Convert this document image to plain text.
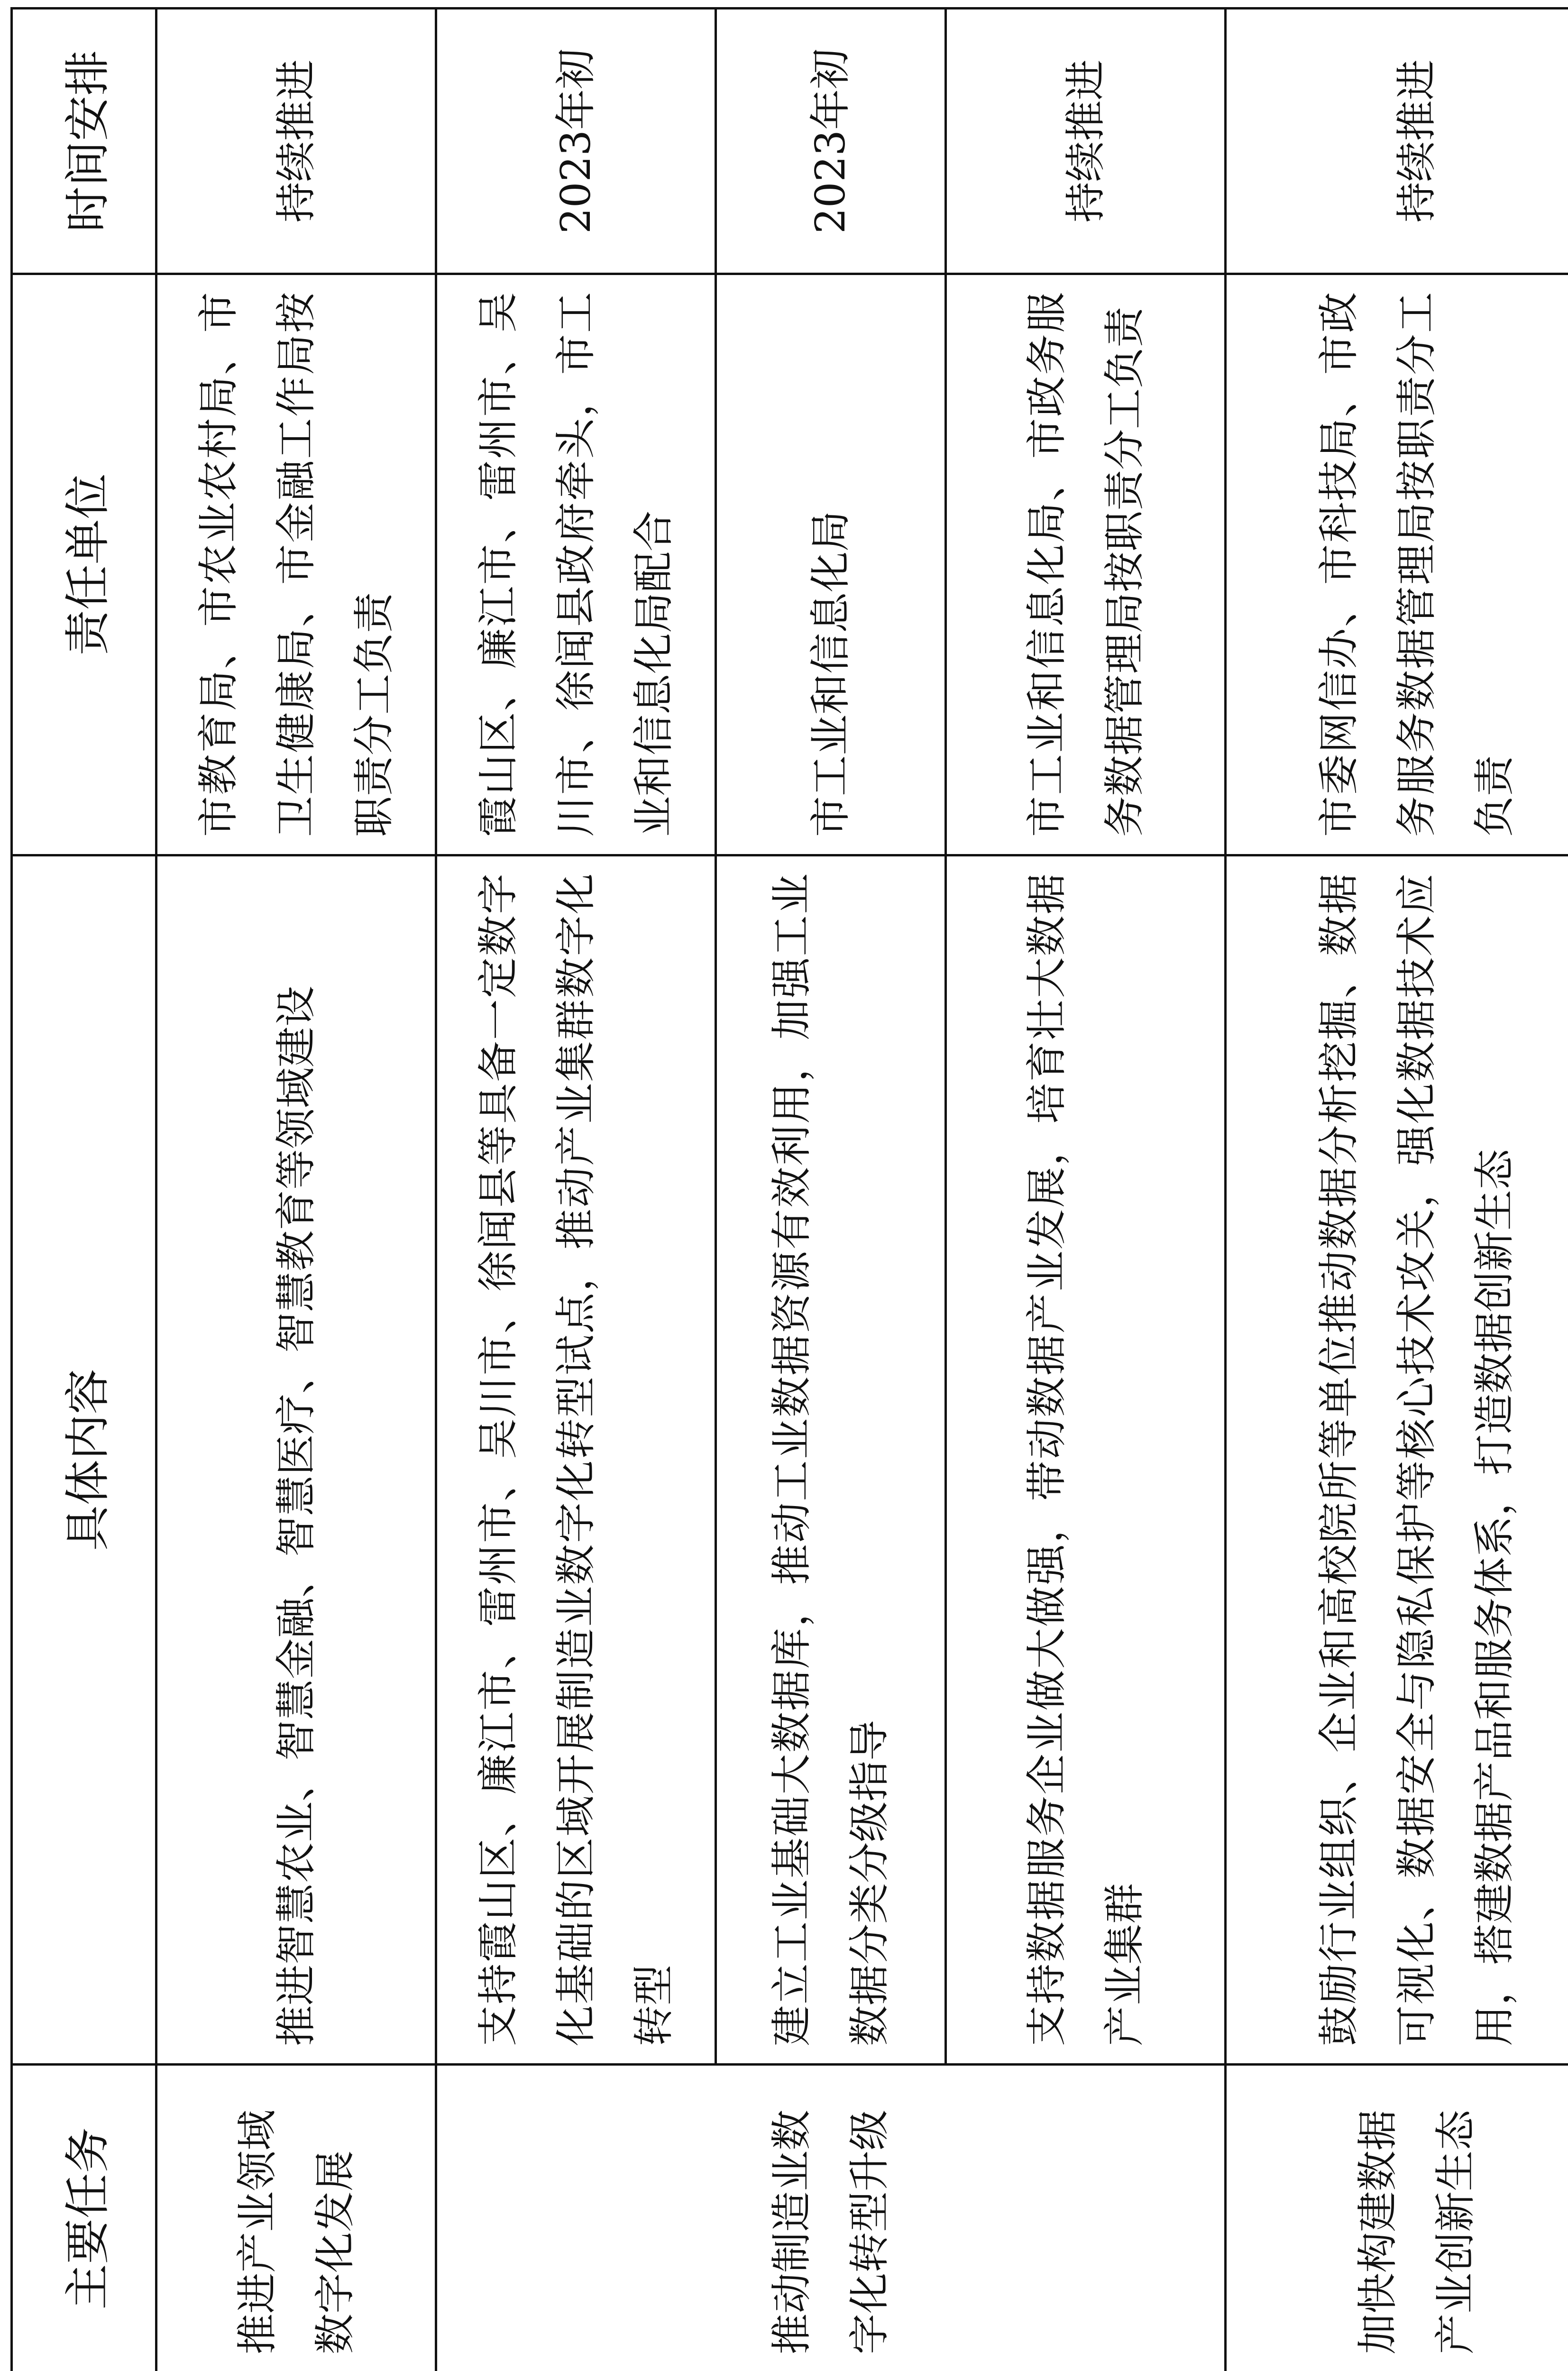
		主要任务	具体内容	责任单位	时间安排
		推进产业领域数字化发展	推进智慧农业、智慧金融、智慧医疗、智慧教育等领域建设	市教育局、市农业农村局、市卫生健康局、市金融工作局按职责分工负责	持续推进
	推动制造业数字化转型升级	支持霞山区、廉江市、雷州市、吴川市、徐闻县等具备一定数字化基础的区域开展制造业数字化转型试点，推动产业集群数字化转型	霞山区、廉江市、雷州市、吴川市、徐闻县政府牵头，市工业和信息化局配合	2023年初
	建立工业基础大数据库，推动工业数据资源有效利用，加强工业数据分类分级指导	市工业和信息化局	2023年初
	支持数据服务企业做大做强，带动数据产业发展，培育壮大数据产业集群	市工业和信息化局、市政务服务数据管理局按职责分工负责	持续推进
	加快构建数据产业创新生态	鼓励行业组织、企业和高校院所等单位推动数据分析挖掘、数据可视化、数据安全与隐私保护等核心技术攻关，强化数据技术应用，搭建数据产品和服务体系，打造数据创新生态	市委网信办、市科技局、市政务服务数据管理局按职责分工负责	持续推进
